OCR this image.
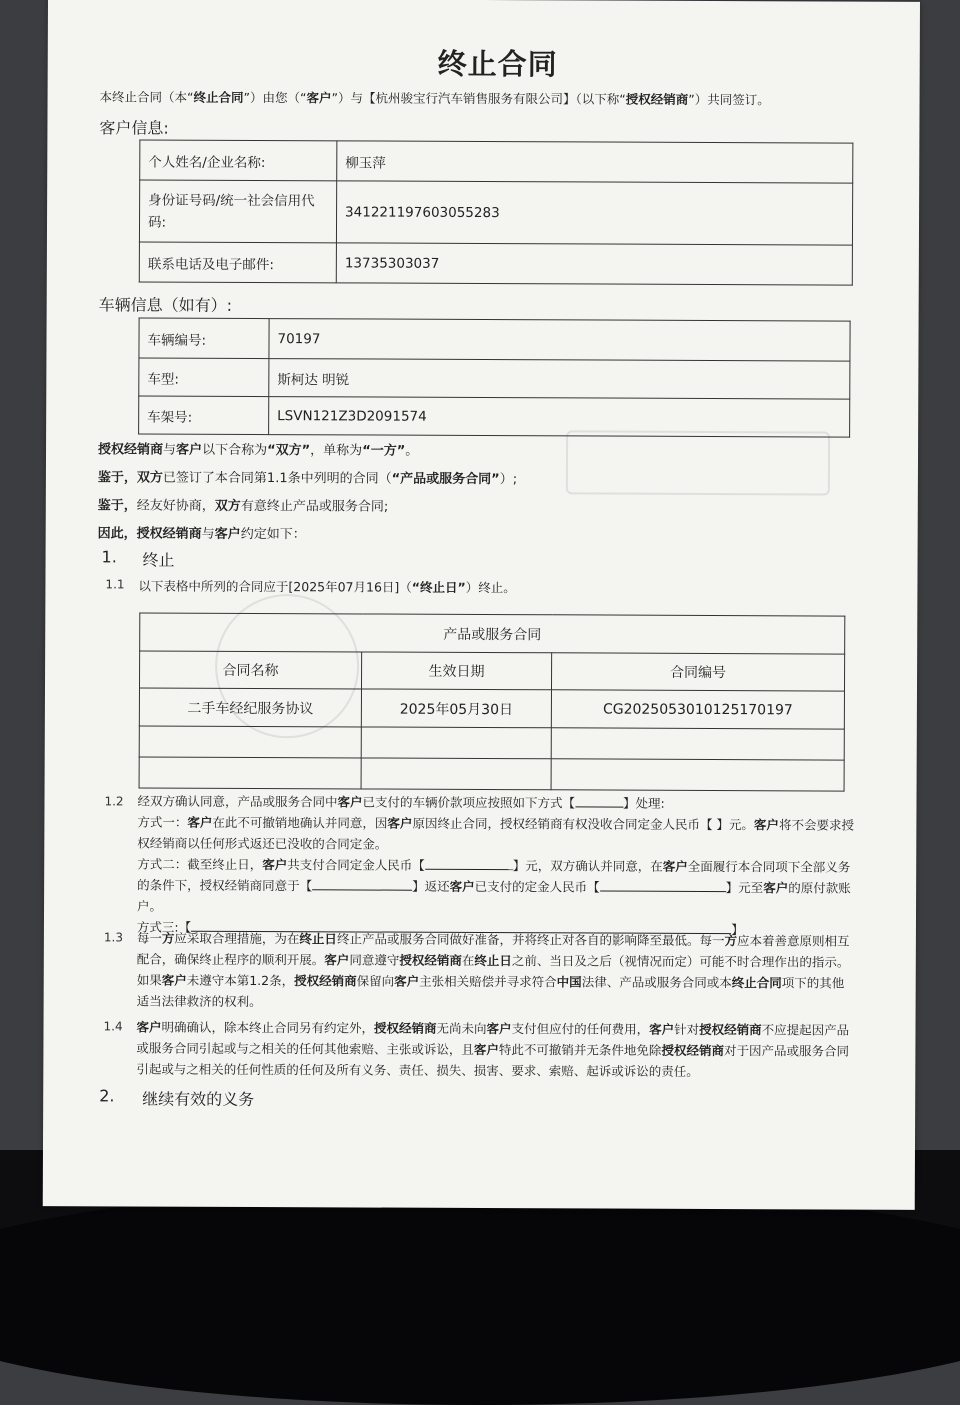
终止合同
本终止合同（本“终止合同”）由您（“客户”）与【杭州骏宝行汽车销售服务有限公司】（以下称“授权经销商”）共同签订。
客户信息:
个人姓名/企业名称:	柳玉萍
身份证号码/统一社会信用代码:	341221197603055283
联系电话及电子邮件:	13735303037
车辆信息（如有）:
车辆编号:	70197
车型:	斯柯达 明锐
车架号:	LSVN121Z3D2091574
授权经销商与客户以下合称为“双方”，单称为“一方”。
鉴于，双方已签订了本合同第1.1条中列明的合同（“产品或服务合同”）;
鉴于，经友好协商，双方有意终止产品或服务合同;
因此，授权经销商与客户约定如下：
1. 终止
1.1 以下表格中所列的合同应于[2025年07月16日]（“终止日”）终止。
产品或服务合同		
合同名称	生效日期	合同编号
二手车经纪服务协议	2025年05月30日	CG2025053010125170197

1.2 经双方确认同意，产品或服务合同中客户已支付的车辆价款项应按照如下方式【	】处理:
方式一：客户在此不可撤销地确认并同意，因客户原因终止合同，授权经销商有权没收合同定金人民币【 】元。客户将不会要求授
权经销商以任何形式返还已没收的合同定金。
方式二：截至终止日，客户共支付合同定金人民币【	】元，双方确认并同意，在客户全面履行本合同项下全部义务
的条件下，授权经销商同意于【	】返还客户已支付的定金人民币【	】元至客户的原付款账
户。
方式三:【	】
1.3 每一方应采取合理措施，为在终止日终止产品或服务合同做好准备，并将终止对各自的影响降至最低。每一方应本着善意原则相互
配合，确保终止程序的顺利开展。客户同意遵守授权经销商在终止日之前、当日及之后（视情况而定）可能不时合理作出的指示。
如果客户未遵守本第1.2条，授权经销商保留向客户主张相关赔偿并寻求符合中国法律、产品或服务合同或本终止合同项下的其他
适当法律救济的权利。
1.4 客户明确确认，除本终止合同另有约定外，授权经销商无尚未向客户支付但应付的任何费用，客户针对授权经销商不应提起因产品
或服务合同引起或与之相关的任何其他索赔、主张或诉讼，且客户特此不可撤销并无条件地免除授权经销商对于因产品或服务合同
引起或与之相关的任何性质的任何及所有义务、责任、损失、损害、要求、索赔、起诉或诉讼的责任。
2. 继续有效的义务
